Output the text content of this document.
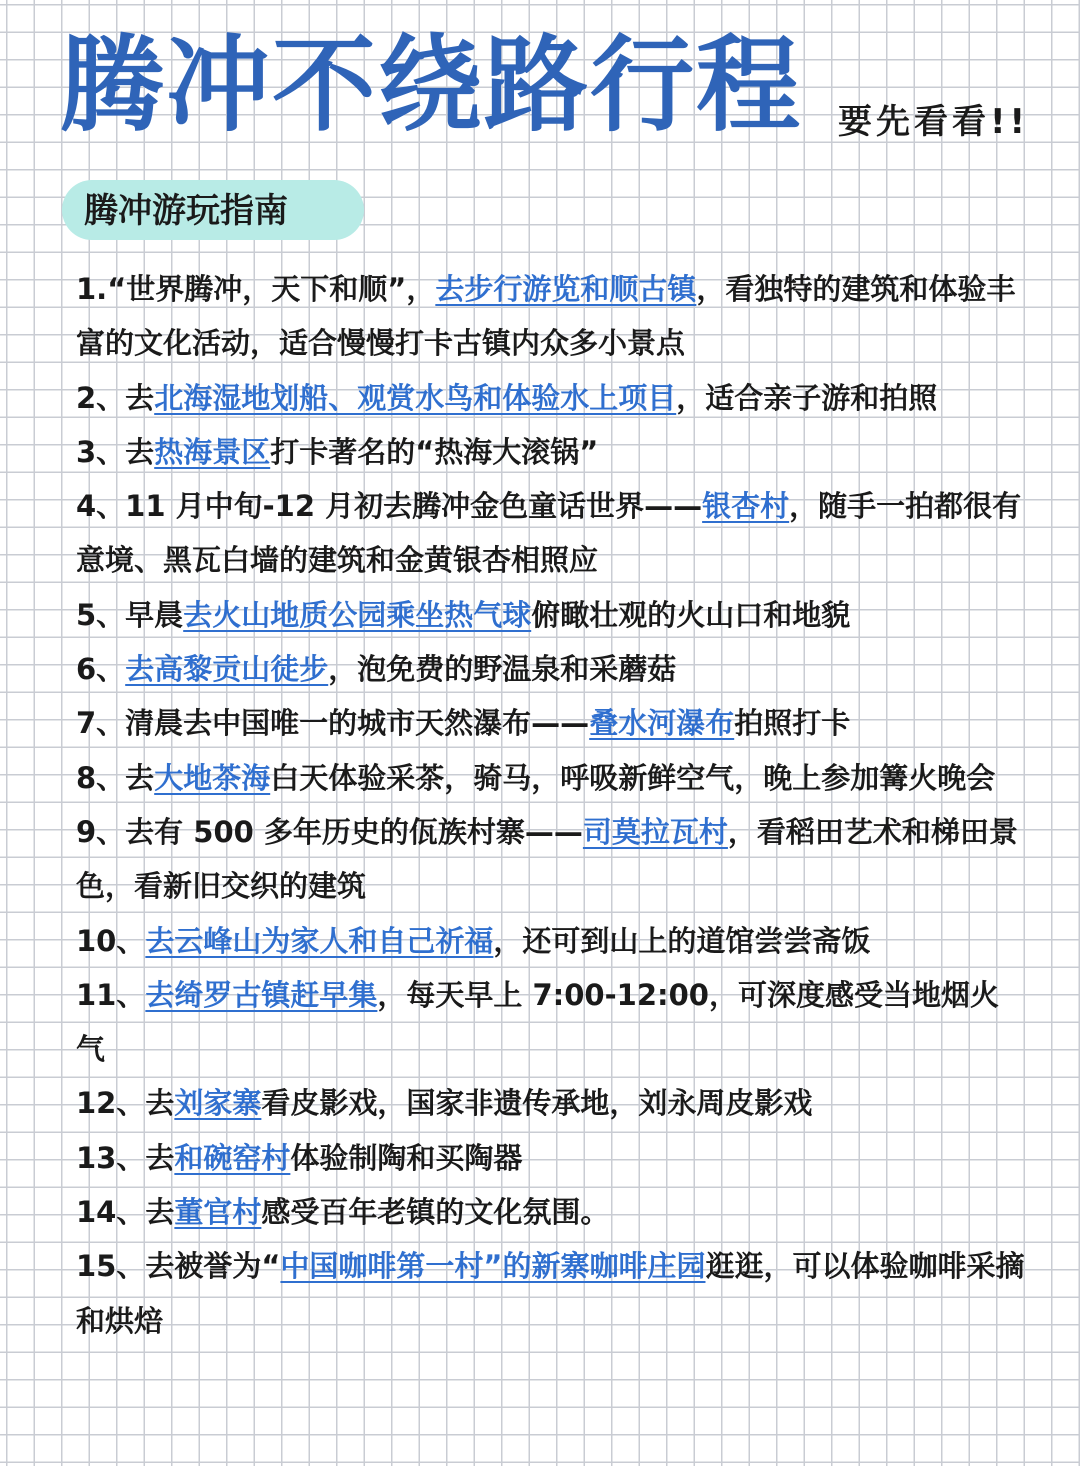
腾冲不绕路行程 要先看看!!
腾冲游玩指南
1.“世界腾冲，天下和顺”，去步行游览和顺古镇，看独特的建筑和体验丰富的文化活动，适合慢慢打卡古镇内众多小景点
2、去北海湿地划船、观赏水鸟和体验水上项目，适合亲子游和拍照
3、去热海景区打卡著名的“热海大滚锅”
4、11 月中旬-12 月初去腾冲金色童话世界——银杏村，随手一拍都很有意境、黑瓦白墙的建筑和金黄银杏相照应
5、早晨去火山地质公园乘坐热气球俯瞰壮观的火山口和地貌
6、去高黎贡山徒步，泡免费的野温泉和采蘑菇
7、清晨去中国唯一的城市天然瀑布——叠水河瀑布拍照打卡
8、去大地茶海白天体验采茶，骑马，呼吸新鲜空气，晚上参加篝火晚会
9、去有 500 多年历史的佤族村寨——司莫拉瓦村，看稻田艺术和梯田景色，看新旧交织的建筑
10、去云峰山为家人和自己祈福，还可到山上的道馆尝尝斋饭
11、去绮罗古镇赶早集，每天早上 7:00-12:00，可深度感受当地烟火气
12、去刘家寨看皮影戏，国家非遗传承地，刘永周皮影戏
13、去和碗窑村体验制陶和买陶器
14、去董官村感受百年老镇的文化氛围。
15、去被誉为“中国咖啡第一村”的新寨咖啡庄园逛逛，可以体验咖啡采摘和烘焙
